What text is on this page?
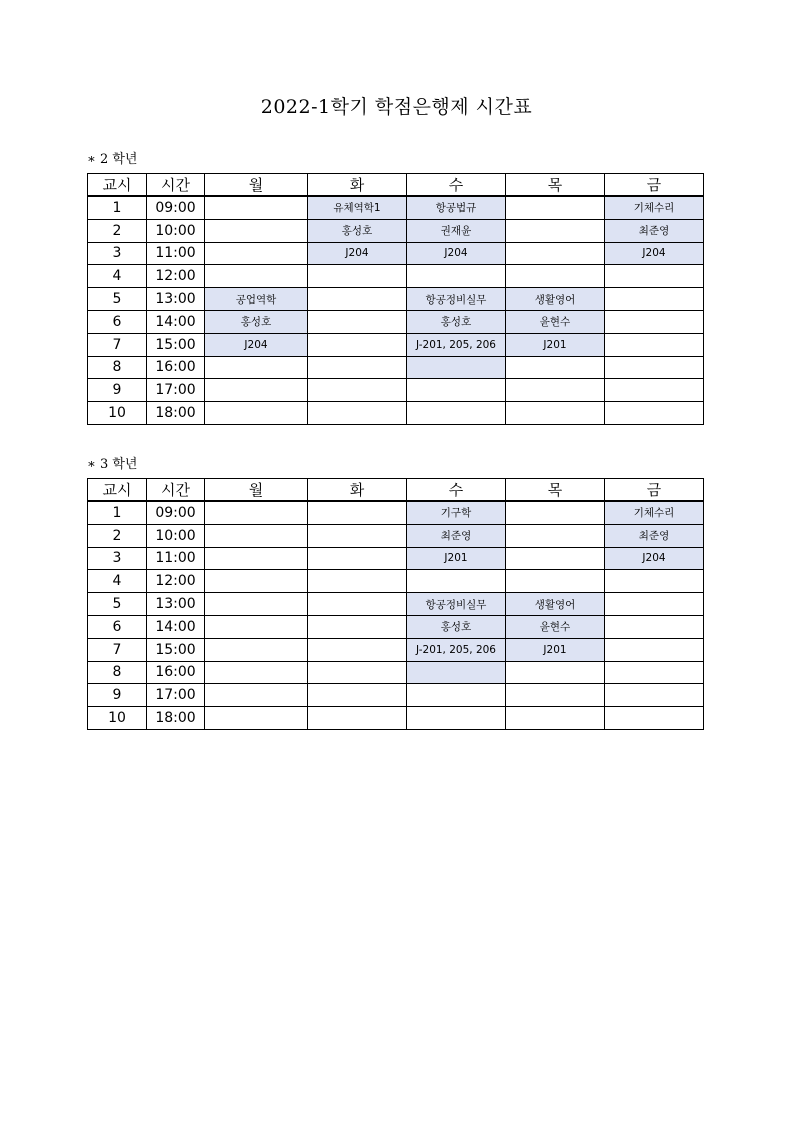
2022-1학기 학점은행제 시간표
∗ 2 학년
교시	시간	월	화	수	목	금
1	09:00		유체역학1	항공법규		기체수리
2	10:00		홍성호	권재윤		최준영
3	11:00		J204	J204		J204
4	12:00					
5	13:00	공업역학		항공정비실무	생활영어	
6	14:00	홍성호		홍성호	윤현수	
7	15:00	J204		J-201, 205, 206	J201	
8	16:00					
9	17:00					
10	18:00					
∗ 3 학년
교시	시간	월	화	수	목	금
1	09:00			기구학		기체수리
2	10:00			최준영		최준영
3	11:00			J201		J204
4	12:00					
5	13:00			항공정비실무	생활영어	
6	14:00			홍성호	윤현수	
7	15:00			J-201, 205, 206	J201	
8	16:00					
9	17:00					
10	18:00					
